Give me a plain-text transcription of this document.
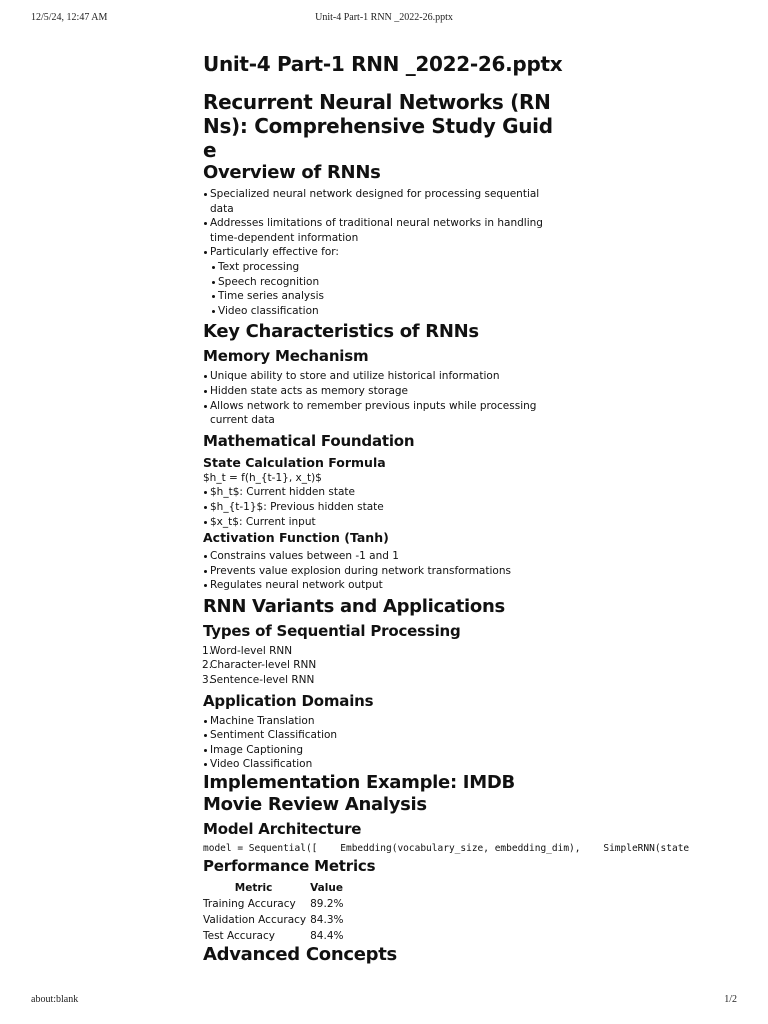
12/5/24, 12:47 AM	Unit-4 Part-1 RNN _2022-26.pptx
Unit-4 Part-1 RNN _2022-26.pptx
Recurrent Neural Networks (RNNs): Comprehensive Study Guide
Overview of RNNs
Specialized neural network designed for processing sequential data
Addresses limitations of traditional neural networks in handling time-dependent information
Particularly effective for:
Text processing
Speech recognition
Time series analysis
Video classification
Key Characteristics of RNNs
Memory Mechanism
Unique ability to store and utilize historical information
Hidden state acts as memory storage
Allows network to remember previous inputs while processing current data
Mathematical Foundation
State Calculation Formula
$h_t = f(h_{t-1}, x_t)$
$h_t$: Current hidden state
$h_{t-1}$: Previous hidden state
$x_t$: Current input
Activation Function (Tanh)
Constrains values between -1 and 1
Prevents value explosion during network transformations
Regulates neural network output
RNN Variants and Applications
Types of Sequential Processing
Word-level RNN
Character-level RNN
Sentence-level RNN
Application Domains
Machine Translation
Sentiment Classification
Image Captioning
Video Classification
Implementation Example: IMDB Movie Review Analysis
Model Architecture
model = Sequential([    Embedding(vocabulary_size, embedding_dim),    SimpleRNN(state
Performance Metrics
Metric	Value
Training Accuracy	89.2%
Validation Accuracy	84.3%
Test Accuracy	84.4%
Advanced Concepts
about:blank	1/2
